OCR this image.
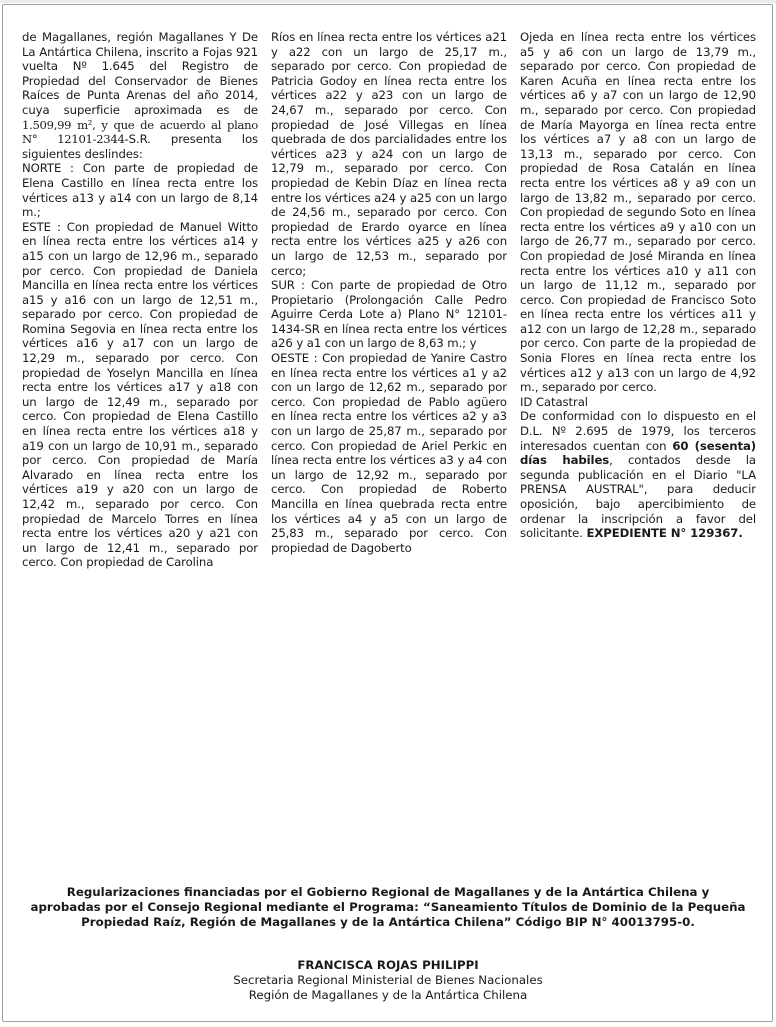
de Magallanes, región Magallanes Y De La Antártica Chilena, inscrito a Fojas 921 vuelta Nº 1.645 del Registro de Propiedad del Conservador de Bienes Raíces de Punta Arenas del año 2014, cuya superficie aproximada es de 1.509,99 m², y que de acuerdo al plano N° 12101-2344-S.R. presenta los siguientes deslindes:

NORTE : Con parte de propiedad de Elena Castillo en línea recta entre los vértices a13 y a14 con un largo de 8,14 m.;

ESTE : Con propiedad de Manuel Witto en línea recta entre los vértices a14 y a15 con un largo de 12,96 m., separado por cerco. Con propiedad de Daniela Mancilla en línea recta entre los vértices a15 y a16 con un largo de 12,51 m., separado por cerco. Con propiedad de Romina Segovia en línea recta entre los vértices a16 y a17 con un largo de 12,29 m., separado por cerco. Con propiedad de Yoselyn Mancilla en línea recta entre los vértices a17 y a18 con un largo de 12,49 m., separado por cerco. Con propiedad de Elena Castillo en línea recta entre los vértices a18 y a19 con un largo de 10,91 m., separado por cerco. Con propiedad de María Alvarado en línea recta entre los vértices a19 y a20 con un largo de 12,42 m., separado por cerco. Con propiedad de Marcelo Torres en línea recta entre los vértices a20 y a21 con un largo de 12,41 m., separado por cerco. Con propiedad de Carolina

Ríos en línea recta entre los vértices a21 y a22 con un largo de 25,17 m., separado por cerco. Con propiedad de Patricia Godoy en línea recta entre los vértices a22 y a23 con un largo de 24,67 m., separado por cerco. Con propiedad de José Villegas en línea quebrada de dos parcialidades entre los vértices a23 y a24 con un largo de 12,79 m., separado por cerco. Con propiedad de Kebin Díaz en línea recta entre los vértices a24 y a25 con un largo de 24,56 m., separado por cerco. Con propiedad de Erardo oyarce en línea recta entre los vértices a25 y a26 con un largo de 12,53 m., separado por cerco;

SUR : Con parte de propiedad de Otro Propietario (Prolongación Calle Pedro Aguirre Cerda Lote a) Plano N° 12101-1434-SR en línea recta entre los vértices a26 y a1 con un largo de 8,63 m.; y

OESTE : Con propiedad de Yanire Castro en línea recta entre los vértices a1 y a2 con un largo de 12,62 m., separado por cerco. Con propiedad de Pablo agüero en línea recta entre los vértices a2 y a3 con un largo de 25,87 m., separado por cerco. Con propiedad de Ariel Perkic en línea recta entre los vértices a3 y a4 con un largo de 12,92 m., separado por cerco. Con propiedad de Roberto Mancilla en línea quebrada recta entre los vértices a4 y a5 con un largo de 25,83 m., separado por cerco. Con propiedad de Dagoberto

Ojeda en línea recta entre los vértices a5 y a6 con un largo de 13,79 m., separado por cerco. Con propiedad de Karen Acuña en línea recta entre los vértices a6 y a7 con un largo de 12,90 m., separado por cerco. Con propiedad de María Mayorga en línea recta entre los vértices a7 y a8 con un largo de 13,13 m., separado por cerco. Con propiedad de Rosa Catalán en línea recta entre los vértices a8 y a9 con un largo de 13,82 m., separado por cerco. Con propiedad de segundo Soto en línea recta entre los vértices a9 y a10 con un largo de 26,77 m., separado por cerco. Con propiedad de José Miranda en línea recta entre los vértices a10 y a11 con un largo de 11,12 m., separado por cerco. Con propiedad de Francisco Soto en línea recta entre los vértices a11 y a12 con un largo de 12,28 m., separado por cerco. Con parte de la propiedad de Sonia Flores en línea recta entre los vértices a12 y a13 con un largo de 4,92 m., separado por cerco.

ID Catastral

De conformidad con lo dispuesto en el D.L. Nº 2.695 de 1979, los terceros interesados cuentan con 60 (sesenta) días habiles, contados desde la segunda publicación en el Diario "LA PRENSA AUSTRAL", para deducir oposición, bajo apercibimiento de ordenar la inscripción a favor del solicitante. EXPEDIENTE N° 129367.

Regularizaciones financiadas por el Gobierno Regional de Magallanes y de la Antártica Chilena y aprobadas por el Consejo Regional mediante el Programa: “Saneamiento Títulos de Dominio de la Pequeña Propiedad Raíz, Región de Magallanes y de la Antártica Chilena” Código BIP N° 40013795-0.
FRANCISCA ROJAS PHILIPPI
Secretaria Regional Ministerial de Bienes Nacionales
Región de Magallanes y de la Antártica Chilena
